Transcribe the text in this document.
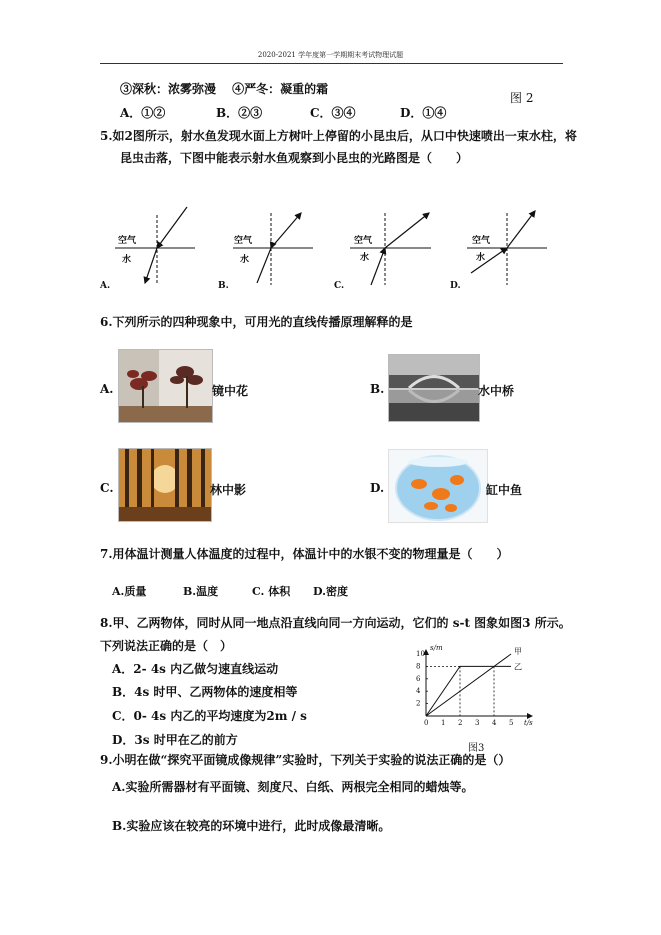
2020-2021 学年度第一学期期末考试物理试题
③深秋：浓雾弥漫　 ④严冬：凝重的霜
图 2
A．①②	B．②③	C．③④	D．①④
5.如2图所示，射水鱼发现水面上方树叶上停留的小昆虫后，从口中快速喷出一束水柱，将
昆虫击落，下图中能表示射水鱼观察到小昆虫的光路图是（　　）
空气
水
空气
水
空气
水
空气
水
A.	B.	C.	D.
6.下列所示的四种现象中，可用光的直线传播原理解释的是
A.	镜中花	B.	水中桥
C.	林中影	D.	缸中鱼
7.用体温计测量人体温度的过程中，体温计中的水银不变的物理量是（　　）
A.质量	B.温度	C. 体积 D.密度
8.甲、乙两物体，同时从同一地点沿直线向同一方向运动，它们的 s-t 图象如图3 所示。
下列说法正确的是（　）
A．2- 4s 内乙做匀速直线运动
B．4s 时甲、乙两物体的速度相等
C．0- 4s 内乙的平均速度为2m / s
D．3s 时甲在乙的前方
s/m
t/s
0 1 2 3 4 5
2
4
6
8
10	甲
乙
图3
9.小明在做“探究平面镜成像规律”实验时，下列关于实验的说法正确的是（）
A.实验所需器材有平面镜、刻度尺、白纸、两根完全相同的蜡烛等。
B.实验应该在较亮的环境中进行，此时成像最清晰。
